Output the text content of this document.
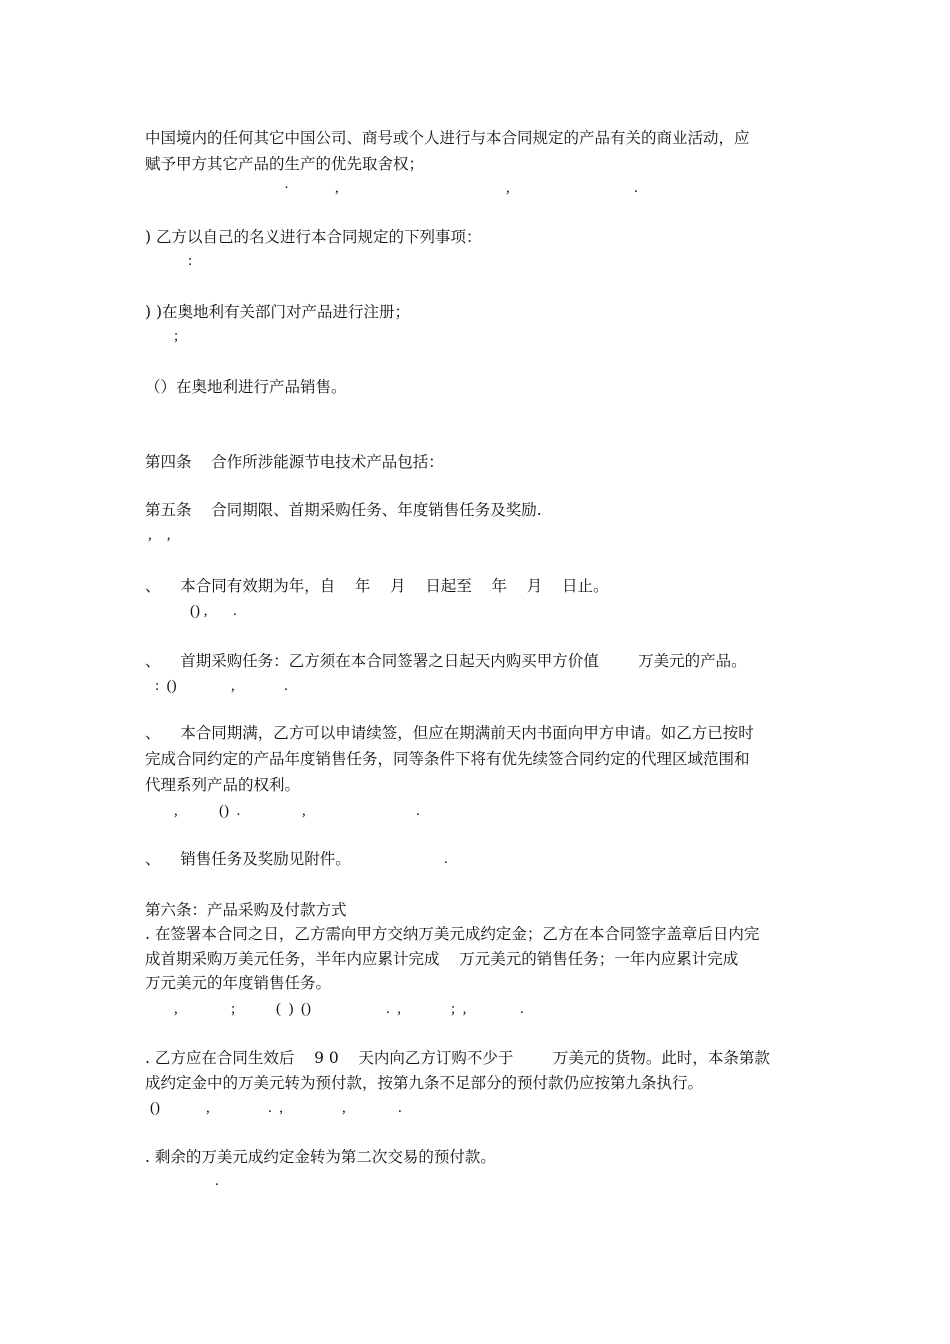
中国境内的任何其它中国公司、商号或个人进行与本合同规定的产品有关的商业活动，应
赋予甲方其它产品的生产的优先取舍权；
·	,	,	.
) 乙方以自己的名义进行本合同规定的下列事项：
:
) )在奥地利有关部门对产品进行注册；
;
（）在奥地利进行产品销售。
第四条    合作所涉能源节电技术产品包括：
第五条    合同期限、首期采购任务、年度销售任务及奖励.
,    ,
、    本合同有效期为年，自    年    月    日起至    年    月    日止。
() , .
、    首期采购任务：乙方须在本合同签署之日起天内购买甲方价值        万美元的产品。
:  ()	,	.
、    本合同期满，乙方可以申请续签，但应在期满前天内书面向甲方申请。如乙方已按时
完成合同约定的产品年度销售任务，同等条件下将有优先续签合同约定的代理区域范围和
代理系列产品的权利。
,	()  .	,	.
、    销售任务及奖励见附件。	.
第六条：产品采购及付款方式
. 在签署本合同之日，乙方需向甲方交纳万美元成约定金；乙方在本合同签字盖章后日内完
成首期采购万美元任务，半年内应累计完成    万元美元的销售任务；一年内应累计完成
万元美元的年度销售任务。
,	;	(  )  ()	.  ,	;  ,	.
. 乙方应在合同生效后    9 0    天内向乙方订购不少于        万美元的货物。此时，本条第款
成约定金中的万美元转为预付款，按第九条不足部分的预付款仍应按第九条执行。
()	,	.  ,	,	.
. 剩余的万美元成约定金转为第二次交易的预付款。
.
